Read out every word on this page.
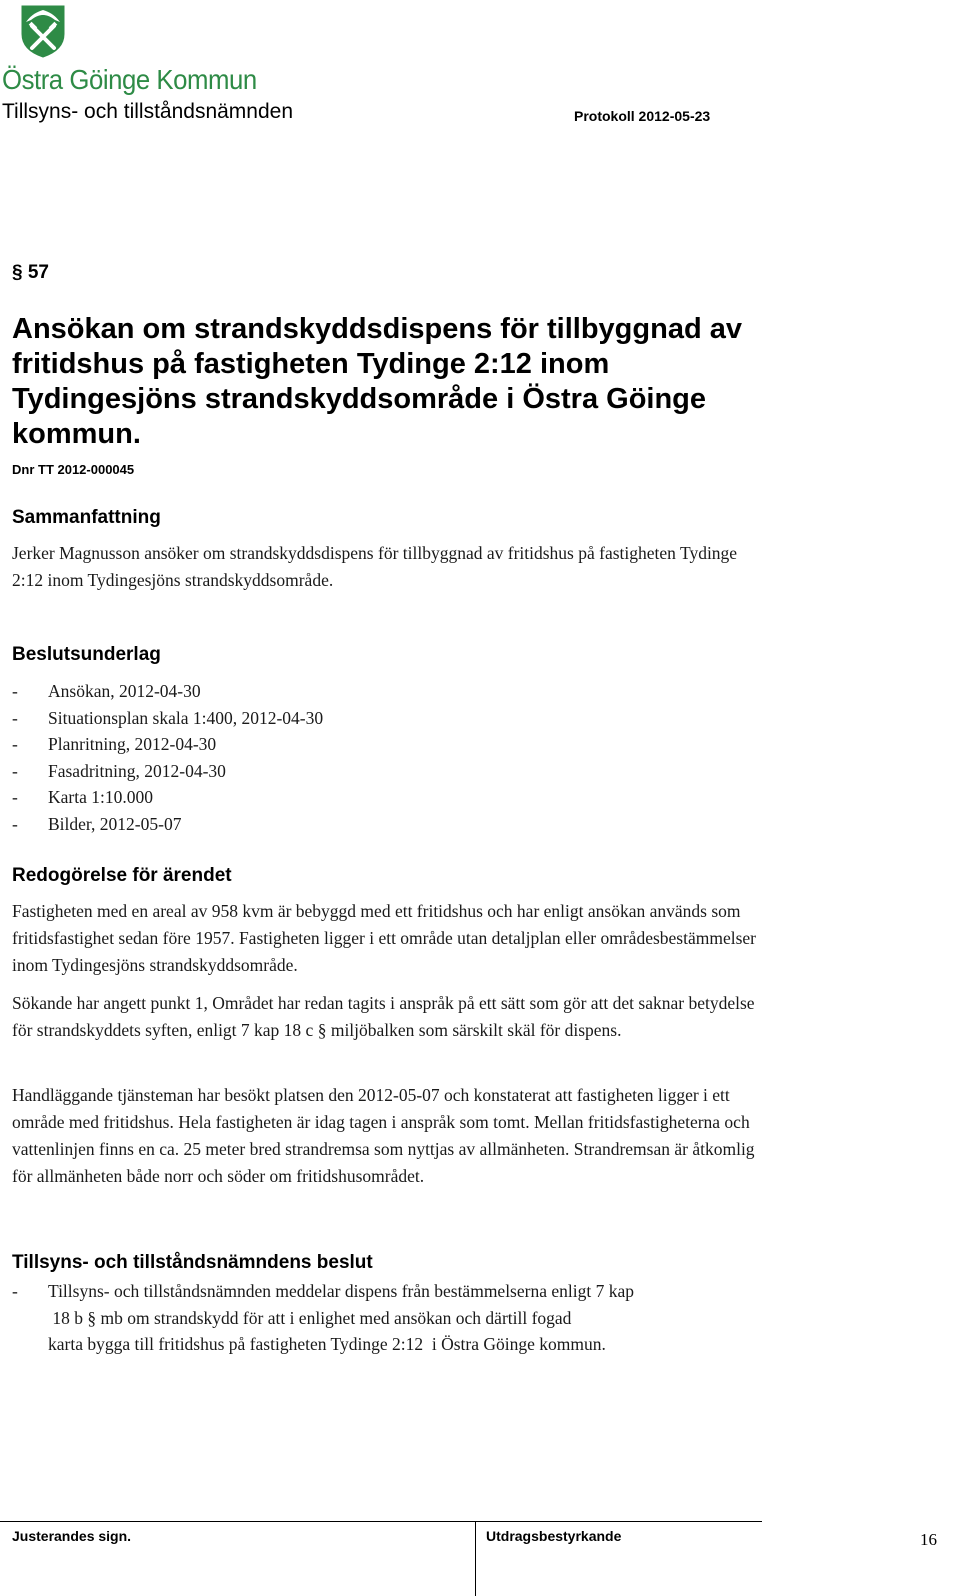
Östra Göinge Kommun
Tillsyns- och tillståndsnämnden	Protokoll 2012-05-23
§ 57
Ansökan om strandskyddsdispens för tillbyggnad av fritidshus på fastigheten Tydinge 2:12 inom Tydingesjöns strandskyddsområde i Östra Göinge kommun.
Dnr TT 2012-000045
Sammanfattning
Jerker Magnusson ansöker om strandskyddsdispens för tillbyggnad av fritidshus på fastigheten Tydinge 2:12 inom Tydingesjöns strandskyddsområde.
Beslutsunderlag
-	Ansökan, 2012-04-30
-	Situationsplan skala 1:400, 2012-04-30
-	Planritning, 2012-04-30
-	Fasadritning, 2012-04-30
-	Karta 1:10.000
-	Bilder, 2012-05-07
Redogörelse för ärendet
Fastigheten med en areal av 958 kvm är bebyggd med ett fritidshus och har enligt ansökan används som fritidsfastighet sedan före 1957. Fastigheten ligger i ett område utan detaljplan eller områdesbestämmelser inom Tydingesjöns strandskyddsområde.
Sökande har angett punkt 1, Området har redan tagits i anspråk på ett sätt som gör att det saknar betydelse för strandskyddets syften, enligt 7 kap 18 c § miljöbalken som särskilt skäl för dispens.
Handläggande tjänsteman har besökt platsen den 2012-05-07 och konstaterat att fastigheten ligger i ett område med fritidshus. Hela fastigheten är idag tagen i anspråk som tomt. Mellan fritidsfastigheterna och vattenlinjen finns en ca. 25 meter bred strandremsa som nyttjas av allmänheten. Strandremsan är åtkomlig för allmänheten både norr och söder om fritidshusområdet.
Tillsyns- och tillståndsnämndens beslut
-	Tillsyns- och tillståndsnämnden meddelar dispens från bestämmelserna enligt 7 kap
18 b § mb om strandskydd för att i enlighet med ansökan och därtill fogad
karta bygga till fritidshus på fastigheten Tydinge 2:12  i Östra Göinge kommun.
Justerandes sign.	Utdragsbestyrkande	16
